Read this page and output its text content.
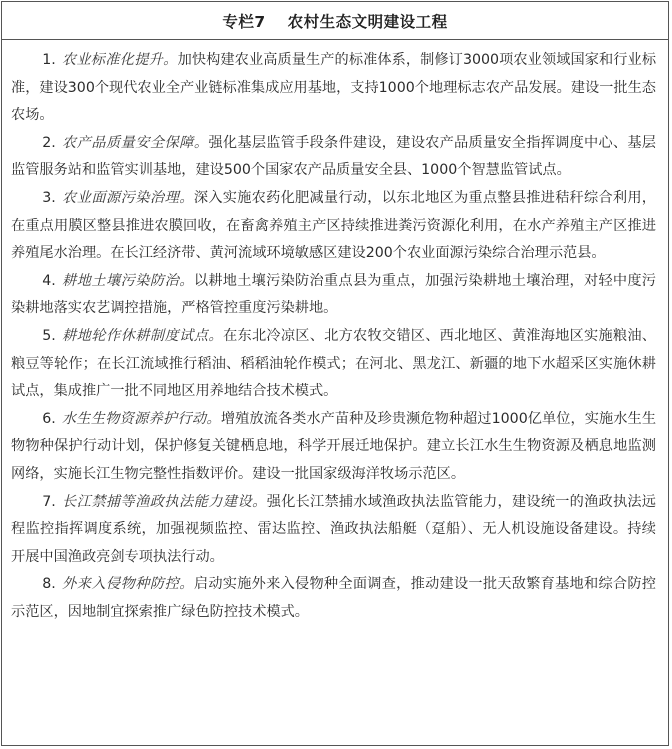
专栏7 农村生态文明建设工程

1. 农业标准化提升。加快构建农业高质量生产的标准体系，制修订3000项农业领域国家和行业标准，建设300个现代农业全产业链标准集成应用基地，支持1000个地理标志农产品发展。建设一批生态农场。

2. 农产品质量安全保障。强化基层监管手段条件建设，建设农产品质量安全指挥调度中心、基层监管服务站和监管实训基地，建设500个国家农产品质量安全县、1000个智慧监管试点。

3. 农业面源污染治理。深入实施农药化肥减量行动，以东北地区为重点整县推进秸秆综合利用，在重点用膜区整县推进农膜回收，在畜禽养殖主产区持续推进粪污资源化利用，在水产养殖主产区推进养殖尾水治理。在长江经济带、黄河流域环境敏感区建设200个农业面源污染综合治理示范县。

4. 耕地土壤污染防治。以耕地土壤污染防治重点县为重点，加强污染耕地土壤治理，对轻中度污染耕地落实农艺调控措施，严格管控重度污染耕地。

5. 耕地轮作休耕制度试点。在东北冷凉区、北方农牧交错区、西北地区、黄淮海地区实施粮油、粮豆等轮作；在长江流域推行稻油、稻稻油轮作模式；在河北、黑龙江、新疆的地下水超采区实施休耕试点，集成推广一批不同地区用养地结合技术模式。

6. 水生生物资源养护行动。增殖放流各类水产苗种及珍贵濒危物种超过1000亿单位，实施水生生物物种保护行动计划，保护修复关键栖息地，科学开展迁地保护。建立长江水生生物资源及栖息地监测网络，实施长江生物完整性指数评价。建设一批国家级海洋牧场示范区。

7. 长江禁捕等渔政执法能力建设。强化长江禁捕水域渔政执法监管能力，建设统一的渔政执法远程监控指挥调度系统，加强视频监控、雷达监控、渔政执法船艇（趸船）、无人机设施设备建设。持续开展中国渔政亮剑专项执法行动。

8. 外来入侵物种防控。启动实施外来入侵物种全面调查，推动建设一批天敌繁育基地和综合防控示范区，因地制宜探索推广绿色防控技术模式。
